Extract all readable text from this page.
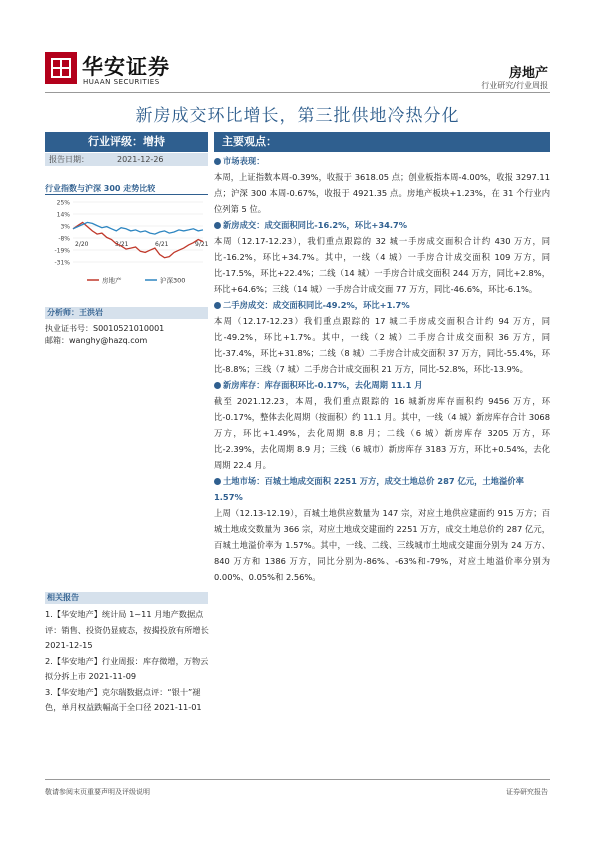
华安证券
HUAAN SECURITIES
房地产
行业研究/行业周报
新房成交环比增长，第三批供地冷热分化
行业评级：增持
报告日期：	2021-12-26
行业指数与沪深 300 走势比较
25%
14%
3%
-8%
-19%
-31%
2/20	3/21	6/21	9/21
房地产	沪深300
分析师：王洪岩
执业证书号：S0010521010001
邮箱：wanghy@hazq.com
相关报告

1.【华安地产】统计局 1~11 月地产数据点评：销售、投资仍显疲态，按揭投放有所增长 2021-12-15

2.【华安地产】行业周报：库存微增，万物云拟分拆上市 2021-11-09

3.【华安地产】克尔瑞数据点评：“银十”褪色，单月权益跌幅高于全口径 2021-11-01

主要观点：
市场表现：

本周，上证指数本周-0.39%，收报于 3618.05 点；创业板指本周-4.00%，收报 3297.11 点；沪深 300 本周-0.67%，收报于 4921.35 点。房地产板块+1.23%，在 31 个行业内位列第 5 位。

新房成交：成交面积同比-16.2%，环比+34.7%

本周（12.17-12.23），我们重点跟踪的 32 城一手房成交面积合计约 430 万方，同比-16.2%，环比+34.7%。其中，一线（4 城）一手房合计成交面积 109 万方，同比-17.5%，环比+22.4%；二线（14 城）一手房合计成交面积 244 万方，同比+2.8%，环比+64.6%；三线（14 城）一手房合计成交面 77 万方，同比-46.6%，环比-6.1%。

二手房成交：成交面积同比-49.2%，环比+1.7%

本周（12.17-12.23）我们重点跟踪的 17 城二手房成交面积合计约 94 万方，同比-49.2%，环比+1.7%。其中，一线（2 城）二手房合计成交面积 36 万方，同比-37.4%，环比+31.8%；二线（8 城）二手房合计成交面积 37 万方，同比-55.4%，环比-8.8%；三线（7 城）二手房合计成交面积 21 万方，同比-52.8%，环比-13.9%。

新房库存：库存面积环比-0.17%，去化周期 11.1 月

截至 2021.12.23，本周，我们重点跟踪的 16 城新房库存面积约 9456 万方，环比-0.17%，整体去化周期（按面积）约 11.1 月。其中，一线（4 城）新房库存合计 3068 万方，环比+1.49%，去化周期 8.8 月；二线（6 城）新房库存 3205 万方，环比-2.39%，去化周期 8.9 月；三线（6 城市）新房库存 3183 万方，环比+0.54%，去化周期 22.4 月。

土地市场：百城土地成交面积 2251 万方，成交土地总价 287 亿元，土地溢价率 1.57%

上周（12.13-12.19），百城土地供应数量为 147 宗，对应土地供应建面约 915 万方；百城土地成交数量为 366 宗，对应土地成交建面约 2251 万方，成交土地总价约 287 亿元，百城土地溢价率为 1.57%。其中，一线、二线、三线城市土地成交建面分别为 24 万方、840 万方和 1386 万方，同比分别为-86%、-63%和-79%，对应土地溢价率分别为 0.00%、0.05%和 2.56%。

敬请参阅末页重要声明及评级说明	证券研究报告
